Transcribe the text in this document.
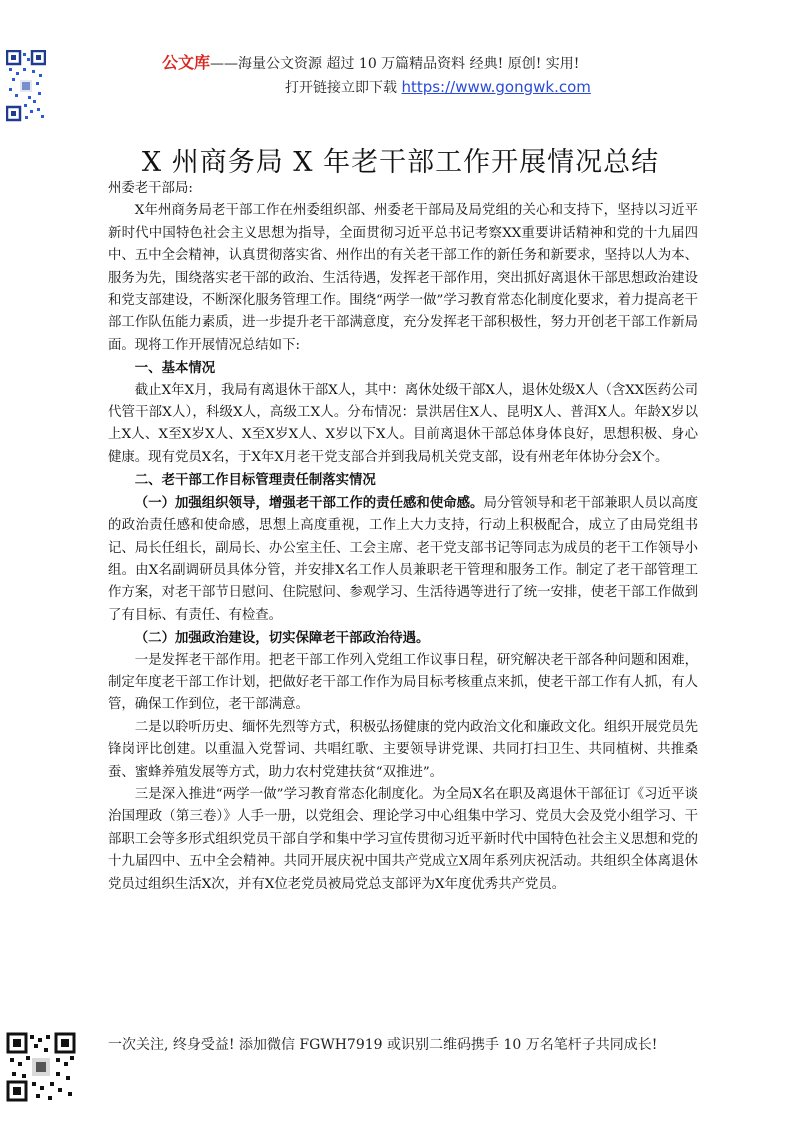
公文库——海量公文资源 超过 10 万篇精品资料 经典! 原创! 实用!
打开链接立即下载 https://www.gongwk.com
X 州商务局 X 年老干部工作开展情况总结

州委老干部局:

X年州商务局老干部工作在州委组织部、州委老干部局及局党组的关心和支持下，坚持以习近平新时代中国特色社会主义思想为指导，全面贯彻习近平总书记考察XX重要讲话精神和党的十九届四中、五中全会精神，认真贯彻落实省、州作出的有关老干部工作的新任务和新要求，坚持以人为本、服务为先，围绕落实老干部的政治、生活待遇，发挥老干部作用，突出抓好离退休干部思想政治建设和党支部建设，不断深化服务管理工作。围绕“两学一做”学习教育常态化制度化要求，着力提高老干部工作队伍能力素质，进一步提升老干部满意度，充分发挥老干部积极性，努力开创老干部工作新局面。现将工作开展情况总结如下:

一、基本情况

截止X年X月，我局有离退休干部X人，其中：离休处级干部X人，退休处级X人（含XX医药公司代管干部X人），科级X人，高级工X人。分布情况：景洪居住X人、昆明X人、普洱X人。年龄X岁以上X人、X至X岁X人、X至X岁X人、X岁以下X人。目前离退休干部总体身体良好，思想积极、身心健康。现有党员X名，于X年X月老干党支部合并到我局机关党支部，设有州老年体协分会X个。

二、老干部工作目标管理责任制落实情况

（一）加强组织领导，增强老干部工作的责任感和使命感。局分管领导和老干部兼职人员以高度的政治责任感和使命感，思想上高度重视，工作上大力支持，行动上积极配合，成立了由局党组书记、局长任组长，副局长、办公室主任、工会主席、老干党支部书记等同志为成员的老干工作领导小组。由X名副调研员具体分管，并安排X名工作人员兼职老干管理和服务工作。制定了老干部管理工作方案，对老干部节日慰问、住院慰问、参观学习、生活待遇等进行了统一安排，使老干部工作做到了有目标、有责任、有检查。

（二）加强政治建设，切实保障老干部政治待遇。

一是发挥老干部作用。把老干部工作列入党组工作议事日程，研究解决老干部各种问题和困难，制定年度老干部工作计划，把做好老干部工作作为局目标考核重点来抓，使老干部工作有人抓，有人管，确保工作到位，老干部满意。

二是以聆听历史、缅怀先烈等方式，积极弘扬健康的党内政治文化和廉政文化。组织开展党员先锋岗评比创建。以重温入党誓词、共唱红歌、主要领导讲党课、共同打扫卫生、共同植树、共推桑蚕、蜜蜂养殖发展等方式，助力农村党建扶贫“双推进”。

三是深入推进“两学一做”学习教育常态化制度化。为全局X名在职及离退休干部征订《习近平谈治国理政（第三卷）》人手一册，以党组会、理论学习中心组集中学习、党员大会及党小组学习、干部职工会等多形式组织党员干部自学和集中学习宣传贯彻习近平新时代中国特色社会主义思想和党的十九届四中、五中全会精神。共同开展庆祝中国共产党成立X周年系列庆祝活动。共组织全体离退休党员过组织生活X次，并有X位老党员被局党总支部评为X年度优秀共产党员。

一次关注, 终身受益! 添加微信 FGWH7919 或识别二维码携手 10 万名笔杆子共同成长!
